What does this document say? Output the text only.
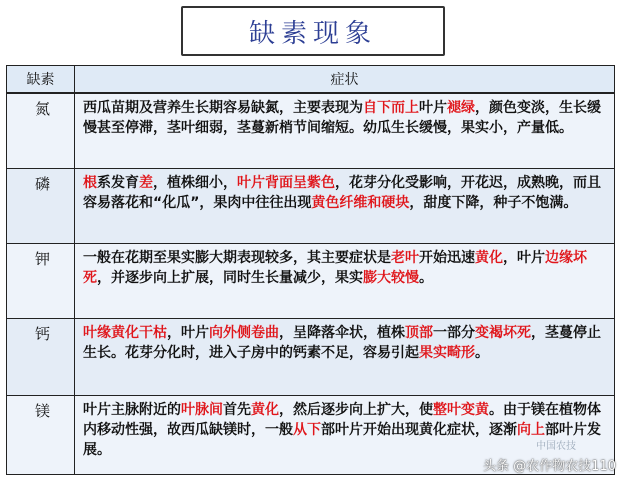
缺素现象
缺素	症状
氮	西瓜苗期及营养生长期容易缺氮，主要表现为自下而上叶片褪绿，颜色变淡，生长缓慢甚至停滞，茎叶细弱，茎蔓新梢节间缩短。幼瓜生长缓慢，果实小，产量低。
磷	根系发育差，植株细小，叶片背面呈紫色，花芽分化受影响，开花迟，成熟晚，而且容易落花和“化瓜”，果肉中往往出现黄色纤维和硬块，甜度下降，种子不饱满。
钾	一般在花期至果实膨大期表现较多，其主要症状是老叶开始迅速黄化，叶片边缘坏死，并逐步向上扩展，同时生长量减少，果实膨大较慢。
钙	叶缘黄化干枯，叶片向外侧卷曲，呈降落伞状，植株顶部一部分变褐坏死，茎蔓停止生长。花芽分化时，进入子房中的钙素不足，容易引起果实畸形。
镁	叶片主脉附近的叶脉间首先黄化，然后逐步向上扩大，使整叶变黄。由于镁在植物体内移动性强，故西瓜缺镁时，一般从下部叶片开始出现黄化症状，逐渐向上部叶片发展。	中国农技
头条 @农作物农技110
